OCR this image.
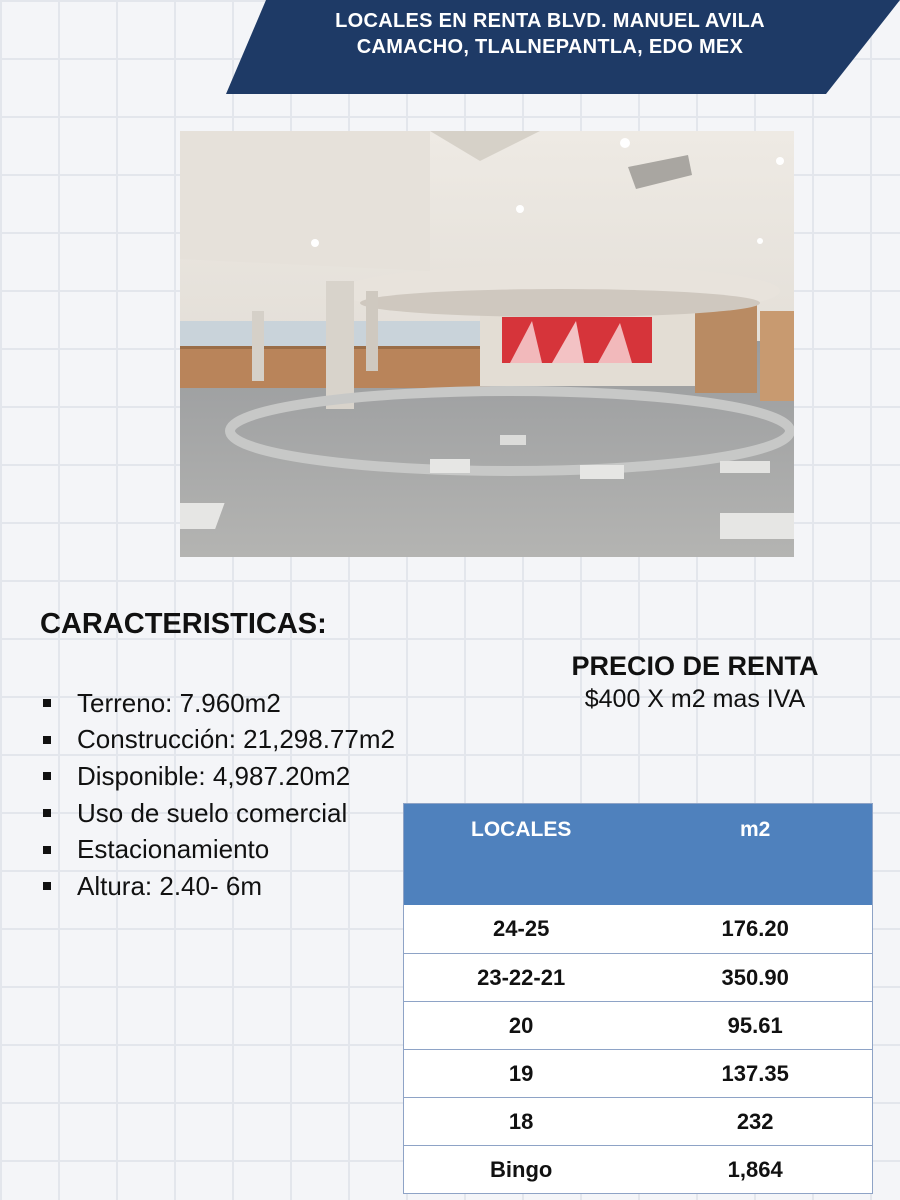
LOCALES EN RENTA BLVD. MANUEL AVILA
CAMACHO, TLALNEPANTLA, EDO MEX
CARACTERISTICAS:
Terreno: 7.960m2
Construcción: 21,298.77m2
Disponible: 4,987.20m2
Uso de suelo comercial
Estacionamiento
Altura: 2.40- 6m
PRECIO DE RENTA
$400 X m2 mas IVA
LOCALES	m2
24-25	176.20
23-22-21	350.90
20	95.61
19	137.35
18	232
Bingo	1,864
